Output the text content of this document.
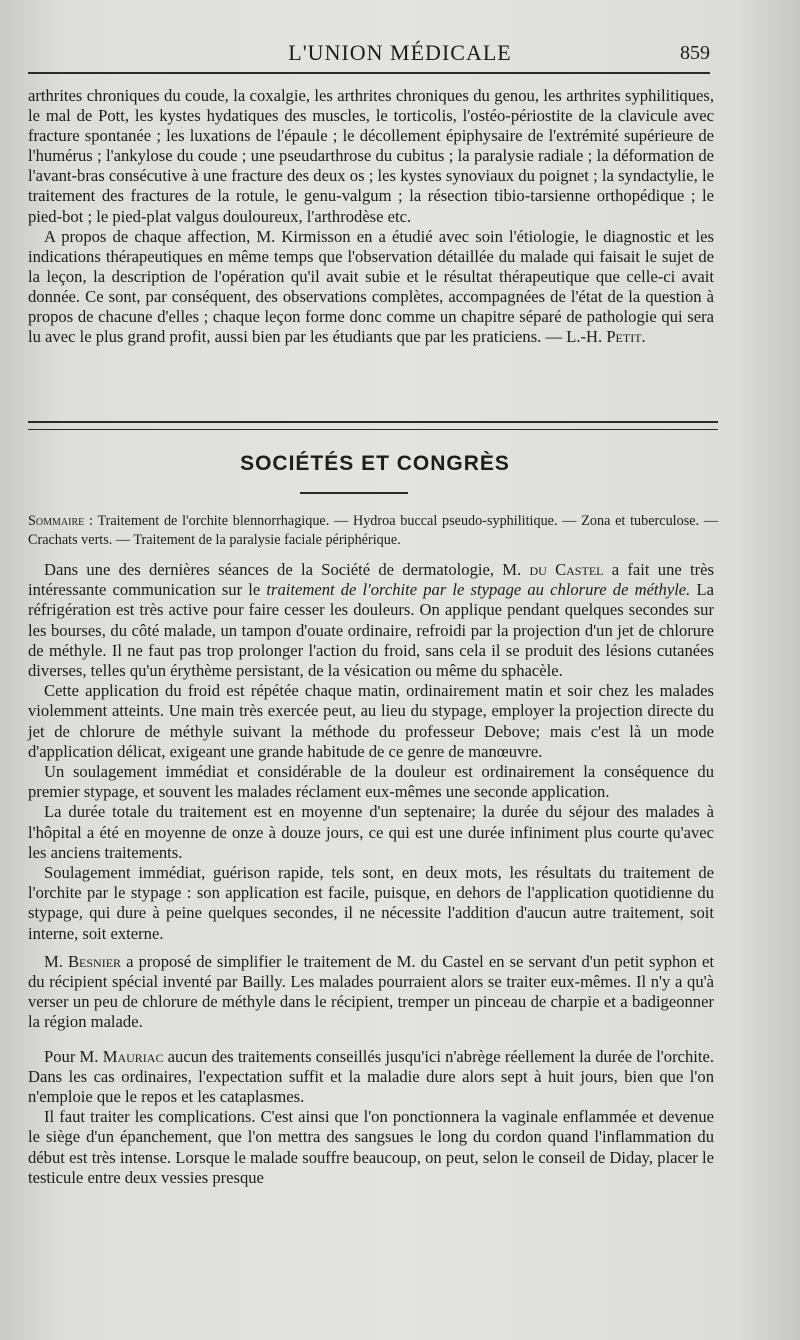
L'UNION MÉDICALE	859

arthrites chroniques du coude, la coxalgie, les arthrites chroniques du genou, les arthrites syphilitiques, le mal de Pott, les kystes hydatiques des muscles, le torticolis, l'ostéo-périostite de la clavicule avec fracture spontanée ; les luxations de l'épaule ; le décollement épiphysaire de l'extrémité supérieure de l'humérus ; l'ankylose du coude ; une pseudarthrose du cubitus ; la paralysie radiale ; la déformation de l'avant-bras consécutive à une fracture des deux os ; les kystes synoviaux du poignet ; la syndactylie, le traitement des fractures de la rotule, le genu-valgum ; la résection tibio-tarsienne orthopédique ; le pied-bot ; le pied-plat valgus douloureux, l'arthrodèse etc.

A propos de chaque affection, M. Kirmisson en a étudié avec soin l'étiologie, le diagnostic et les indications thérapeutiques en même temps que l'observation détaillée du malade qui faisait le sujet de la leçon, la description de l'opération qu'il avait subie et le résultat thérapeutique que celle-ci avait donnée. Ce sont, par conséquent, des observations complètes, accompagnées de l'état de la question à propos de chacune d'elles ; chaque leçon forme donc comme un chapitre séparé de pathologie qui sera lu avec le plus grand profit, aussi bien par les étudiants que par les praticiens. — L.-H. Petit.

SOCIÉTÉS ET CONGRÈS
Sommaire : Traitement de l'orchite blennorrhagique. — Hydroa buccal pseudo-syphilitique. — Zona et tuberculose. — Crachats verts. — Traitement de la paralysie faciale périphérique.

Dans une des dernières séances de la Société de dermatologie, M. du Castel a fait une très intéressante communication sur le traitement de l'orchite par le stypage au chlorure de méthyle. La réfrigération est très active pour faire cesser les douleurs. On applique pendant quelques secondes sur les bourses, du côté malade, un tampon d'ouate ordinaire, refroidi par la projection d'un jet de chlorure de méthyle. Il ne faut pas trop prolonger l'action du froid, sans cela il se produit des lésions cutanées diverses, telles qu'un érythème persistant, de la vésication ou même du sphacèle.

Cette application du froid est répétée chaque matin, ordinairement matin et soir chez les malades violemment atteints. Une main très exercée peut, au lieu du stypage, employer la projection directe du jet de chlorure de méthyle suivant la méthode du professeur Debove; mais c'est là un mode d'application délicat, exigeant une grande habitude de ce genre de manœuvre.

Un soulagement immédiat et considérable de la douleur est ordinairement la conséquence du premier stypage, et souvent les malades réclament eux-mêmes une seconde application.

La durée totale du traitement est en moyenne d'un septenaire; la durée du séjour des malades à l'hôpital a été en moyenne de onze à douze jours, ce qui est une durée infiniment plus courte qu'avec les anciens traitements.

Soulagement immédiat, guérison rapide, tels sont, en deux mots, les résultats du traitement de l'orchite par le stypage : son application est facile, puisque, en dehors de l'application quotidienne du stypage, qui dure à peine quelques secondes, il ne nécessite l'addition d'aucun autre traitement, soit interne, soit externe.

M. Besnier a proposé de simplifier le traitement de M. du Castel en se servant d'un petit syphon et du récipient spécial inventé par Bailly. Les malades pourraient alors se traiter eux-mêmes. Il n'y a qu'à verser un peu de chlorure de méthyle dans le récipient, tremper un pinceau de charpie et a badigeonner la région malade.

Pour M. Mauriac aucun des traitements conseillés jusqu'ici n'abrège réellement la durée de l'orchite. Dans les cas ordinaires, l'expectation suffit et la maladie dure alors sept à huit jours, bien que l'on n'emploie que le repos et les cataplasmes.

Il faut traiter les complications. C'est ainsi que l'on ponctionnera la vaginale enflammée et devenue le siège d'un épanchement, que l'on mettra des sangsues le long du cordon quand l'inflammation du début est très intense. Lorsque le malade souffre beaucoup, on peut, selon le conseil de Diday, placer le testicule entre deux vessies presque
